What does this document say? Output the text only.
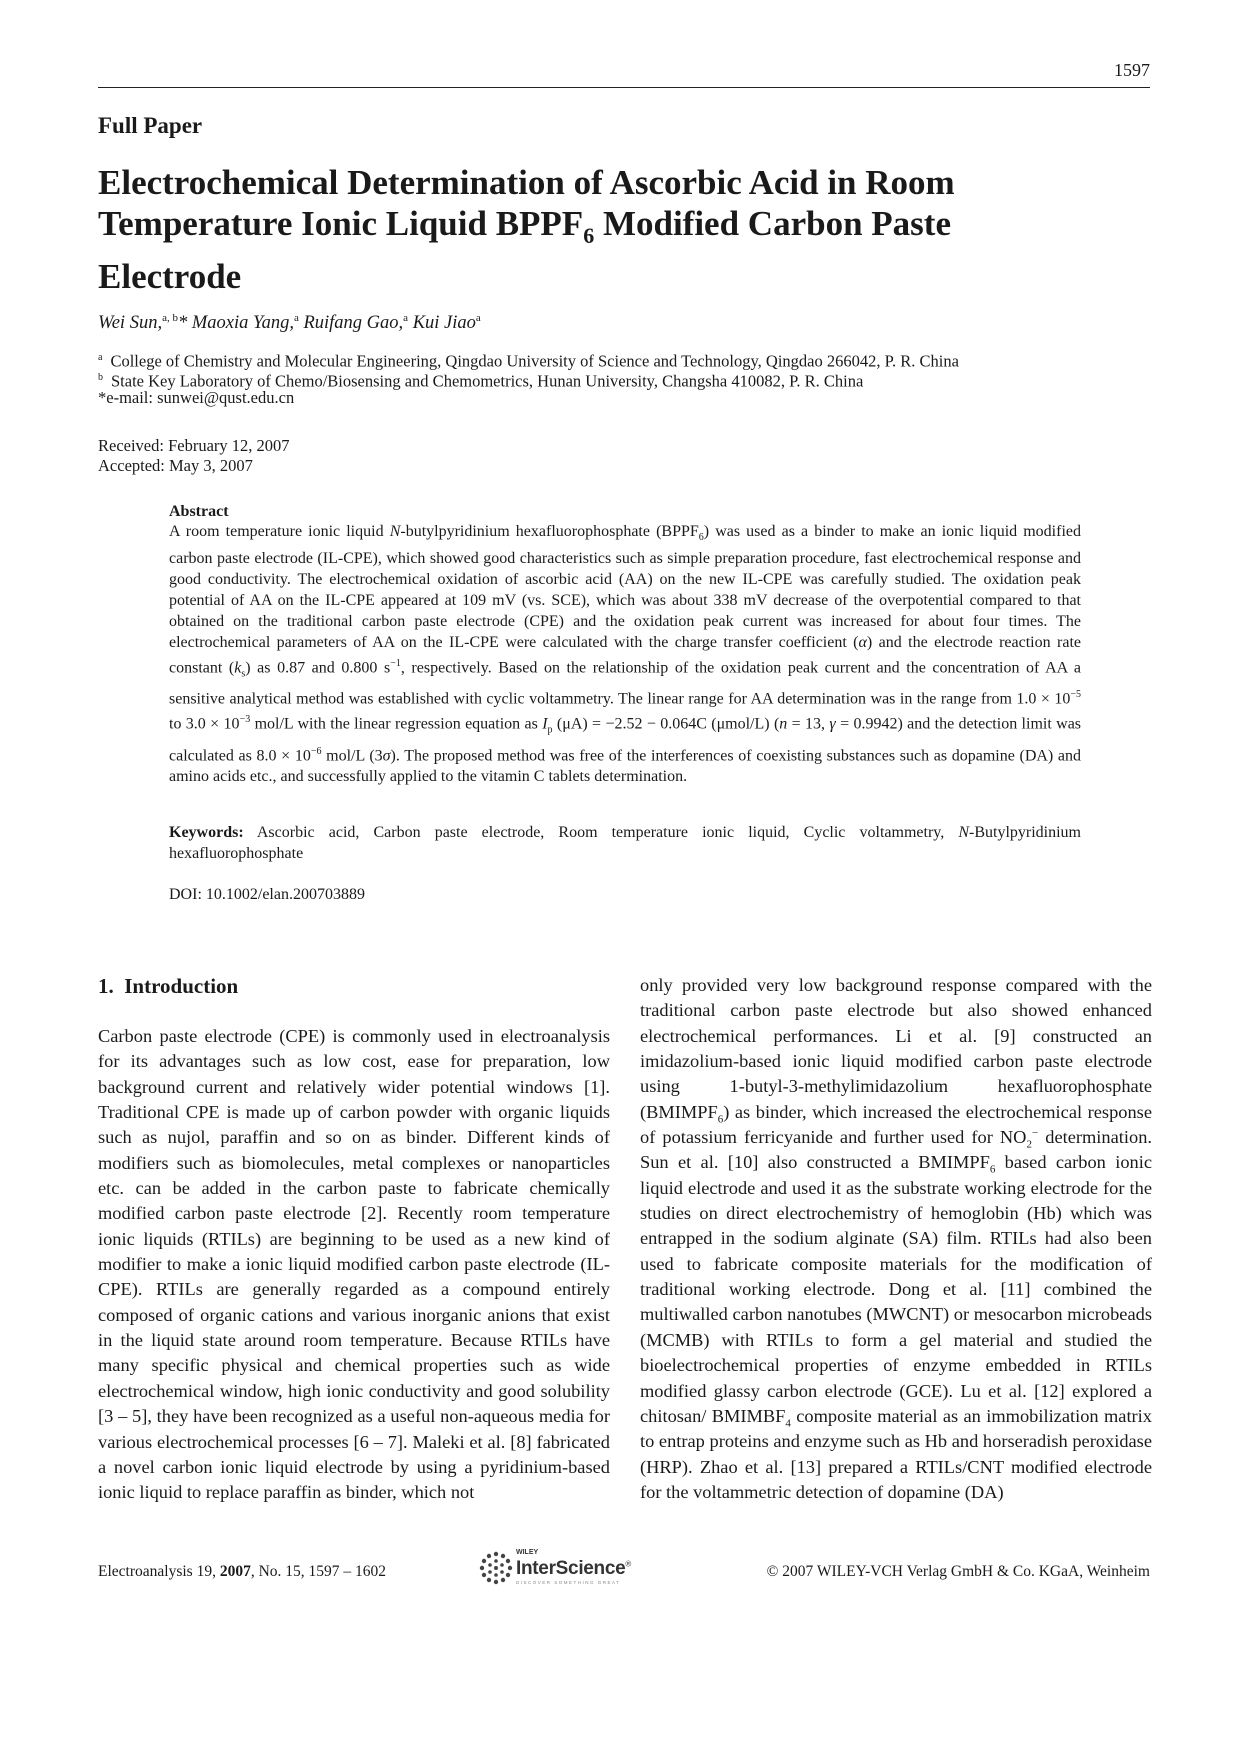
1597
Full Paper
Electrochemical Determination of Ascorbic Acid in Room
Temperature Ionic Liquid $BPPF_6$ Modified Carbon Paste
Electrode
Wei Sun,$^{a, b}$* Maoxia Yang,$^a$ Ruifang Gao,$^a$ Kui Jiao$^a$
$^a$ College of Chemistry and Molecular Engineering, Qingdao University of Science and Technology, Qingdao 266042, P. R. China
$^b$ State Key Laboratory of Chemo/Biosensing and Chemometrics, Hunan University, Changsha 410082, P. R. China
*e-mail: sunwei@qust.edu.cn
Received: February 12, 2007
Accepted: May 3, 2007
Abstract

A room temperature ionic liquid N-butylpyridinium hexafluorophosphate $(BPPF_6)$ was used as a binder to make an ionic liquid modified carbon paste electrode (IL-CPE), which showed good characteristics such as simple preparation procedure, fast electrochemical response and good conductivity. The electrochemical oxidation of ascorbic acid (AA) on the new IL-CPE was carefully studied. The oxidation peak potential of AA on the IL-CPE appeared at 109 mV (vs. SCE), which was about 338 mV decrease of the overpotential compared to that obtained on the traditional carbon paste electrode (CPE) and the oxidation peak current was increased for about four times. The electrochemical parameters of AA on the IL-CPE were calculated with the charge transfer coefficient (α) and the electrode reaction rate constant $(k_s)$ as 0.87 and 0.800 $s^{-1}$, respectively. Based on the relationship of the oxidation peak current and the concentration of AA a sensitive analytical method was established with cyclic voltammetry. The linear range for AA determination was in the range from $1.0 \times 10^{-5}$ to $3.0 \times 10^{-3}$ mol/L with the linear regression equation as $I_p$ (μA) = −2.52 − 0.064C (μmol/L) (n = 13, γ = 0.9942) and the detection limit was calculated as $8.0 \times 10^{-6}$ mol/L (3σ). The proposed method was free of the interferences of coexisting substances such as dopamine (DA) and amino acids etc., and successfully applied to the vitamin C tablets determination.

Keywords: Ascorbic acid, Carbon paste electrode, Room temperature ionic liquid, Cyclic voltammetry, N-Butylpyridinium hexafluorophosphate
DOI: 10.1002/elan.200703889
1.  Introduction

Carbon paste electrode (CPE) is commonly used in electroanalysis for its advantages such as low cost, ease for preparation, low background current and relatively wider potential windows [1]. Traditional CPE is made up of carbon powder with organic liquids such as nujol, paraffin and so on as binder. Different kinds of modifiers such as biomolecules, metal complexes or nanoparticles etc. can be added in the carbon paste to fabricate chemically modified carbon paste electrode [2]. Recently room temperature ionic liquids (RTILs) are beginning to be used as a new kind of modifier to make a ionic liquid modified carbon paste electrode (IL-CPE). RTILs are generally regarded as a compound entirely composed of organic cations and various inorganic anions that exist in the liquid state around room temperature. Because RTILs have many specific physical and chemical properties such as wide electrochemical window, high ionic conductivity and good solubility [3 – 5], they have been recognized as a useful non-aqueous media for various electrochemical processes [6 – 7]. Maleki et al. [8] fabricated a novel carbon ionic liquid electrode by using a pyridinium-based ionic liquid to replace paraffin as binder, which not

only provided very low background response compared with the traditional carbon paste electrode but also showed enhanced electrochemical performances. Li et al. [9] constructed an imidazolium-based ionic liquid modified carbon paste electrode using 1-butyl-3-methylimidazolium hexafluorophosphate $(BMIMPF_6)$ as binder, which increased the electrochemical response of potassium ferricyanide and further used for $NO_2^-$ determination. Sun et al. [10] also constructed a $BMIMPF_6$ based carbon ionic liquid electrode and used it as the substrate working electrode for the studies on direct electrochemistry of hemoglobin (Hb) which was entrapped in the sodium alginate (SA) film. RTILs had also been used to fabricate composite materials for the modification of traditional working electrode. Dong et al. [11] combined the multiwalled carbon nanotubes (MWCNT) or mesocarbon microbeads (MCMB) with RTILs to form a gel material and studied the bioelectrochemical properties of enzyme embedded in RTILs modified glassy carbon electrode (GCE). Lu et al. [12] explored a chitosan/ $BMIMBF_4$ composite material as an immobilization matrix to entrap proteins and enzyme such as Hb and horseradish peroxidase (HRP). Zhao et al. [13] prepared a RTILs/CNT modified electrode for the voltammetric detection of dopamine (DA)

Electroanalysis 19, 2007, No. 15, 1597 – 1602
WILEY
InterScience®
DISCOVER SOMETHING GREAT
© 2007 WILEY-VCH Verlag GmbH & Co. KGaA, Weinheim
